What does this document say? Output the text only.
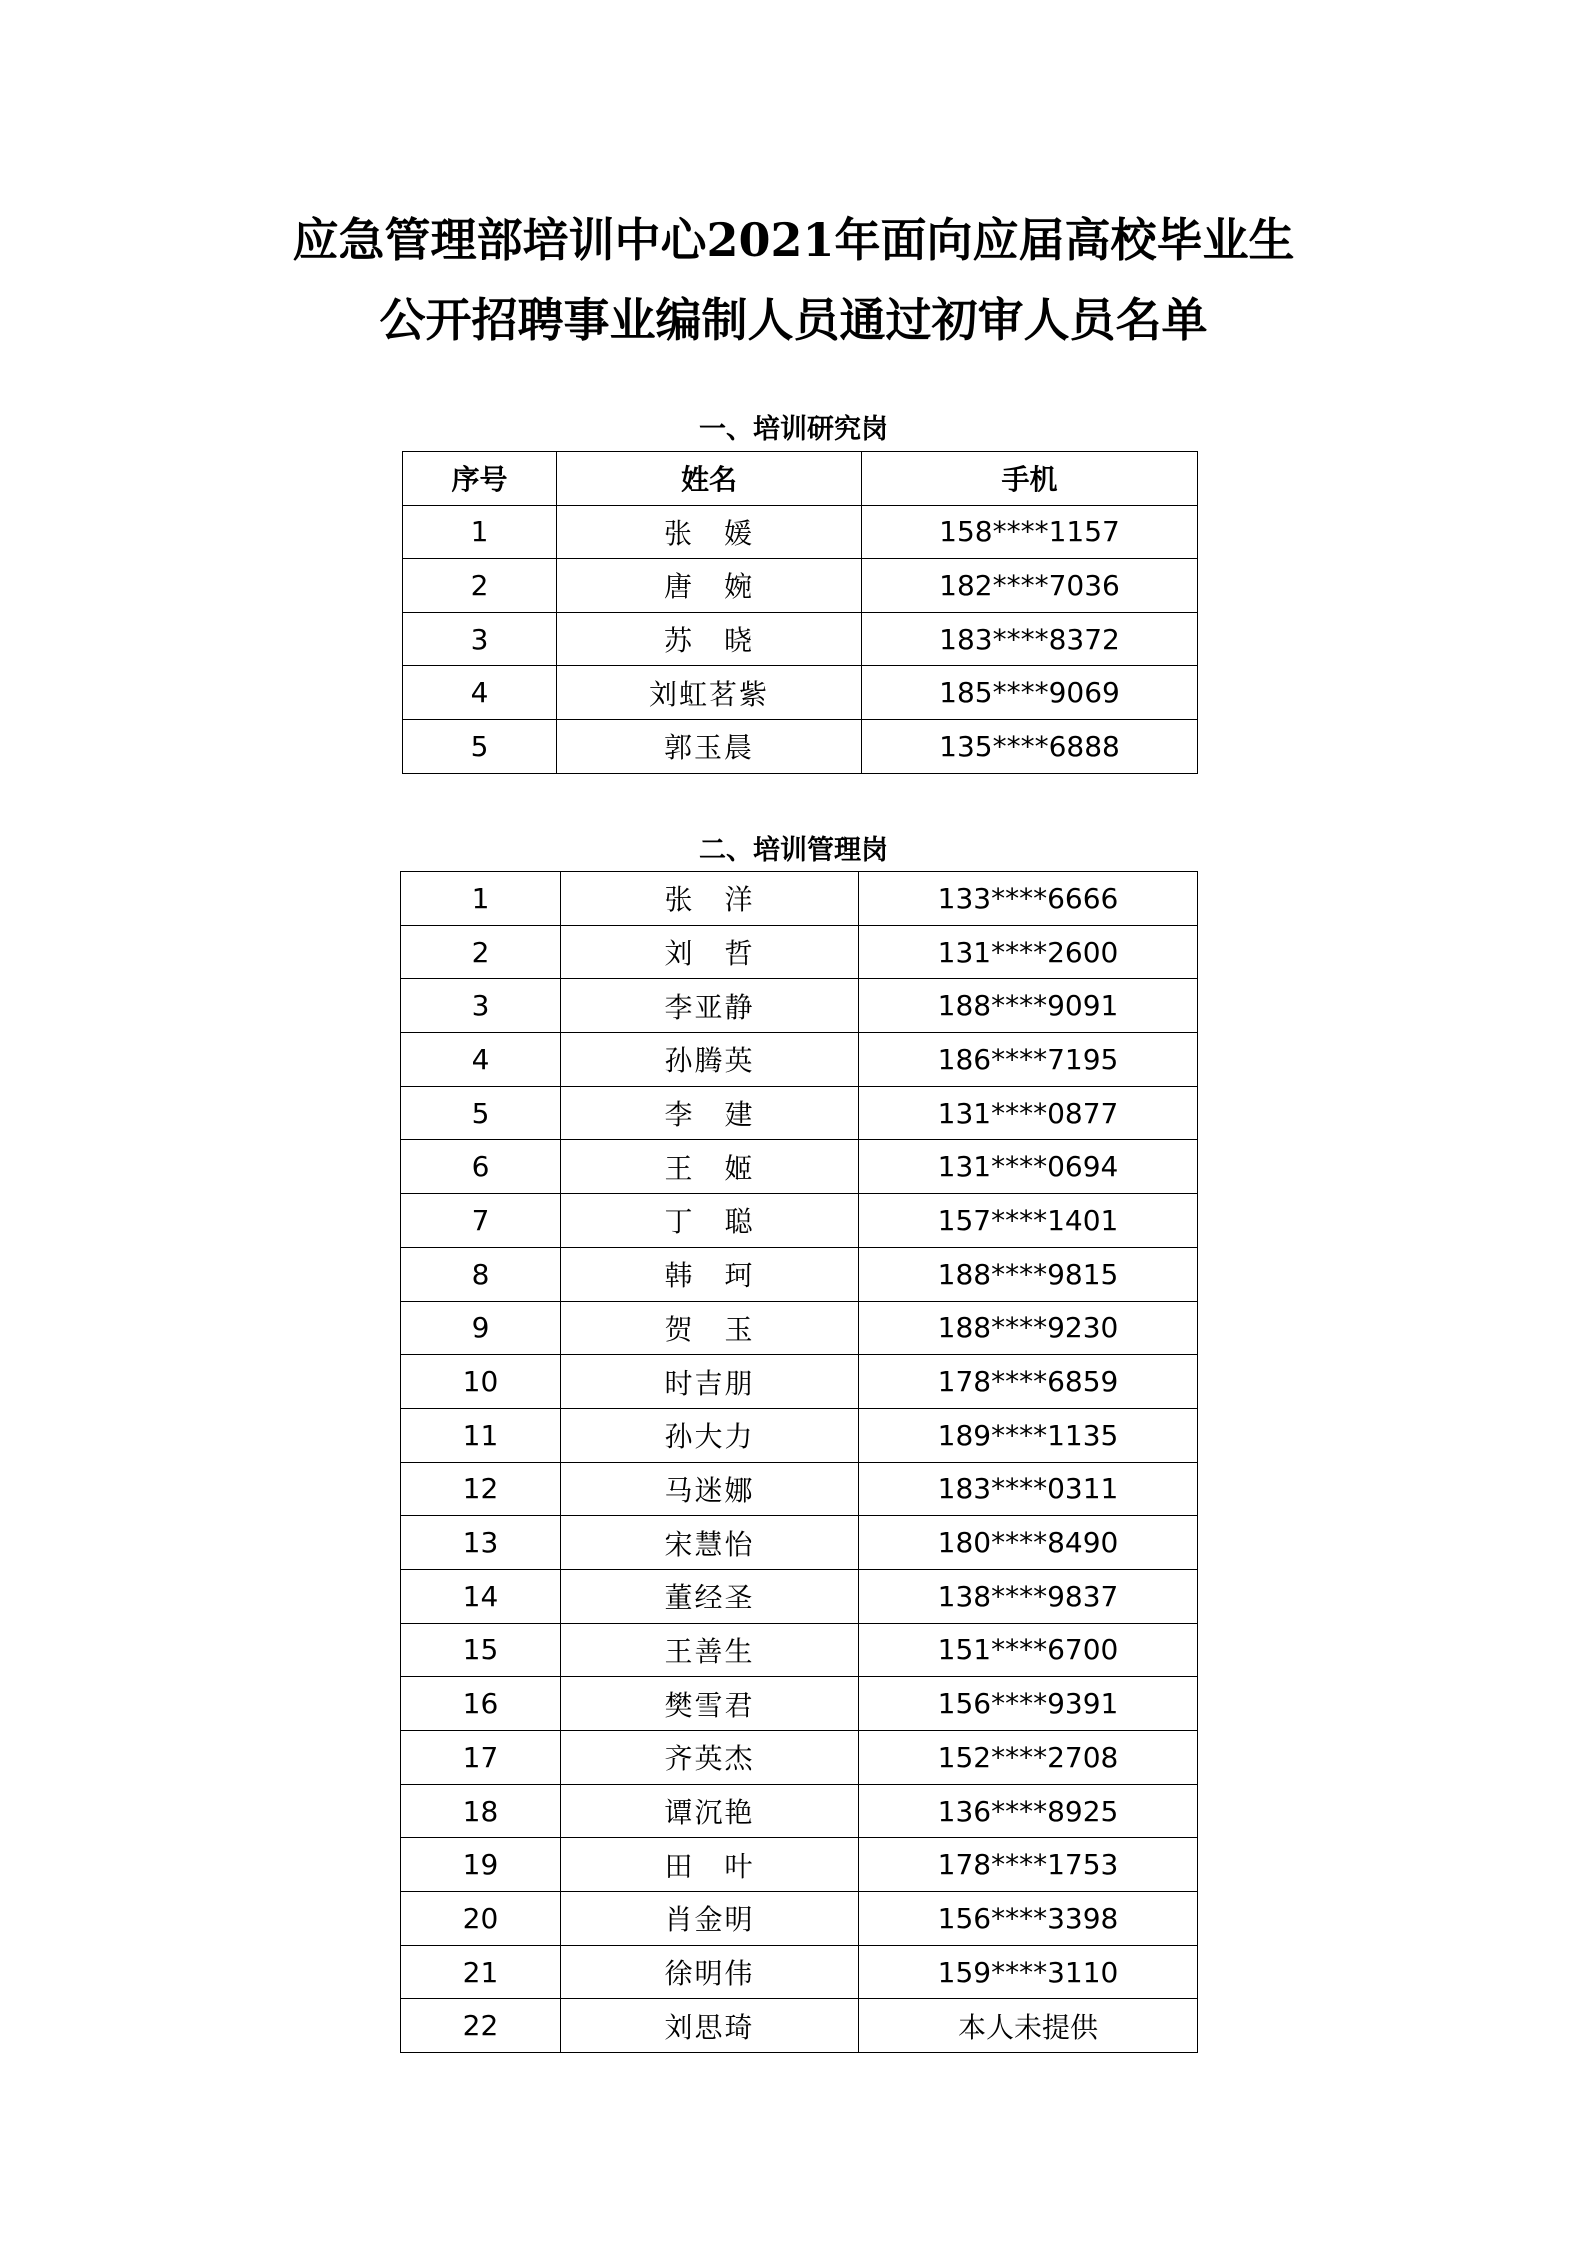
应急管理部培训中心2021年面向应届高校毕业生
公开招聘事业编制人员通过初审人员名单
一、培训研究岗
序号	姓名	手机
1	张　媛	158****1157
2	唐　婉	182****7036
3	苏　晓	183****8372
4	刘虹茗紫	185****9069
5	郭玉晨	135****6888
二、培训管理岗
1	张　洋	133****6666
2	刘　哲	131****2600
3	李亚静	188****9091
4	孙腾英	186****7195
5	李　建	131****0877
6	王　姬	131****0694
7	丁　聪	157****1401
8	韩　珂	188****9815
9	贺　玉	188****9230
10	时吉朋	178****6859
11	孙大力	189****1135
12	马迷娜	183****0311
13	宋慧怡	180****8490
14	董经圣	138****9837
15	王善生	151****6700
16	樊雪君	156****9391
17	齐英杰	152****2708
18	谭沉艳	136****8925
19	田　叶	178****1753
20	肖金明	156****3398
21	徐明伟	159****3110
22	刘思琦	本人未提供
